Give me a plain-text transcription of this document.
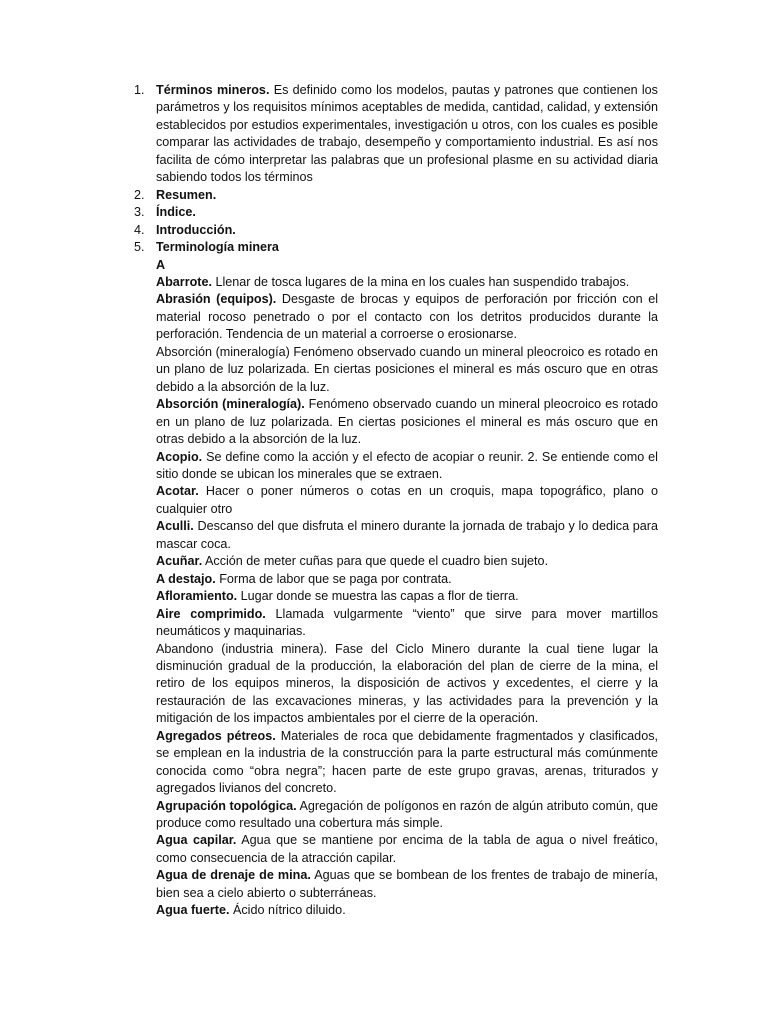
1. Términos mineros. Es definido como los modelos, pautas y patrones que contienen los parámetros y los requisitos mínimos aceptables de medida, cantidad, calidad, y extensión establecidos por estudios experimentales, investigación u otros, con los cuales es posible comparar las actividades de trabajo, desempeño y comportamiento industrial. Es así nos facilita de cómo interpretar las palabras que un profesional plasme en su actividad diaria sabiendo todos los términos
2. Resumen.
3. Índice.
4. Introducción.
5. Terminología minera

A

Abarrote. Llenar de tosca lugares de la mina en los cuales han suspendido trabajos.

Abrasión (equipos). Desgaste de brocas y equipos de perforación por fricción con el material rocoso penetrado o por el contacto con los detritos producidos durante la perforación. Tendencia de un material a corroerse o erosionarse.

Absorción (mineralogía) Fenómeno observado cuando un mineral pleocroico es rotado en un plano de luz polarizada. En ciertas posiciones el mineral es más oscuro que en otras debido a la absorción de la luz.

Absorción (mineralogía). Fenómeno observado cuando un mineral pleocroico es rotado en un plano de luz polarizada. En ciertas posiciones el mineral es más oscuro que en otras debido a la absorción de la luz.

Acopio. Se define como la acción y el efecto de acopiar o reunir. 2. Se entiende como el sitio donde se ubican los minerales que se extraen.

Acotar. Hacer o poner números o cotas en un croquis, mapa topográfico, plano o cualquier otro

Aculli. Descanso del que disfruta el minero durante la jornada de trabajo y lo dedica para mascar coca.

Acuñar. Acción de meter cuñas para que quede el cuadro bien sujeto.

A destajo. Forma de labor que se paga por contrata.

Afloramiento. Lugar donde se muestra las capas a flor de tierra.

Aire comprimido. Llamada vulgarmente “viento” que sirve para mover martillos neumáticos y maquinarias.

Abandono (industria minera). Fase del Ciclo Minero durante la cual tiene lugar la disminución gradual de la producción, la elaboración del plan de cierre de la mina, el retiro de los equipos mineros, la disposición de activos y excedentes, el cierre y la restauración de las excavaciones mineras, y las actividades para la prevención y la mitigación de los impactos ambientales por el cierre de la operación.

Agregados pétreos. Materiales de roca que debidamente fragmentados y clasificados, se emplean en la industria de la construcción para la parte estructural más comúnmente conocida como “obra negra”; hacen parte de este grupo gravas, arenas, triturados y agregados livianos del concreto.

Agrupación topológica. Agregación de polígonos en razón de algún atributo común, que produce como resultado una cobertura más simple.

Agua capilar. Agua que se mantiene por encima de la tabla de agua o nivel freático, como consecuencia de la atracción capilar.

Agua de drenaje de mina. Aguas que se bombean de los frentes de trabajo de minería, bien sea a cielo abierto o subterráneas.

Agua fuerte. Ácido nítrico diluido.
